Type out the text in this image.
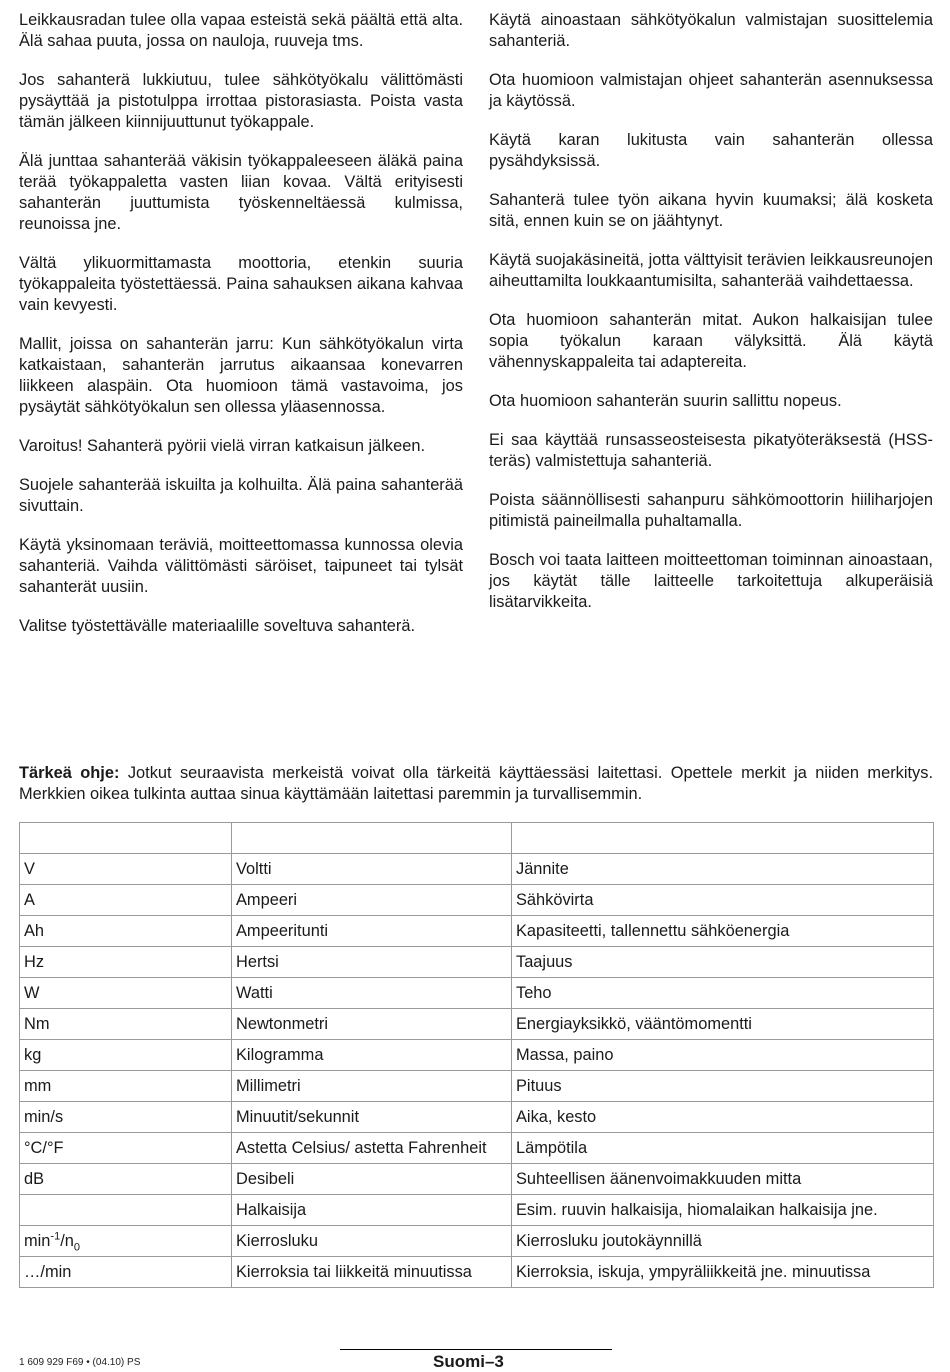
Leikkausradan tulee olla vapaa esteistä sekä päältä että alta. Älä sahaa puuta, jossa on nauloja, ruuveja tms.

Jos sahanterä lukkiutuu, tulee sähkötyökalu välittömästi pysäyttää ja pistotulppa irrottaa pistorasiasta. Poista vasta tämän jälkeen kiinnijuuttunut työkappale.

Älä junttaa sahanterää väkisin työkappaleeseen äläkä paina terää työkappaletta vasten liian kovaa. Vältä erityisesti sahanterän juuttumista työskenneltäessä kulmissa, reunoissa jne.

Vältä ylikuormittamasta moottoria, etenkin suuria työkappaleita työstettäessä. Paina sahauksen aikana kahvaa vain kevyesti.

Mallit, joissa on sahanterän jarru: Kun sähkötyökalun virta katkaistaan, sahanterän jarrutus aikaansaa konevarren liikkeen alaspäin. Ota huomioon tämä vastavoima, jos pysäytät sähkötyökalun sen ollessa yläasennossa.

Varoitus! Sahanterä pyörii vielä virran katkaisun jälkeen.

Suojele sahanterää iskuilta ja kolhuilta. Älä paina sahanterää sivuttain.

Käytä yksinomaan teräviä, moitteettomassa kunnossa olevia sahanteriä. Vaihda välittömästi säröiset, taipuneet tai tylsät sahanterät uusiin.

Valitse työstettävälle materiaalille soveltuva sahanterä.

Käytä ainoastaan sähkötyökalun valmistajan suosittelemia sahanteriä.

Ota huomioon valmistajan ohjeet sahanterän asennuksessa ja käytössä.

Käytä karan lukitusta vain sahanterän ollessa pysähdyksissä.

Sahanterä tulee työn aikana hyvin kuumaksi; älä kosketa sitä, ennen kuin se on jäähtynyt.

Käytä suojakäsineitä, jotta välttyisit terävien leikkausreunojen aiheuttamilta loukkaantumisilta, sahanterää vaihdettaessa.

Ota huomioon sahanterän mitat. Aukon halkaisijan tulee sopia työkalun karaan välyksittä. Älä käytä vähennyskappaleita tai adaptereita.

Ota huomioon sahanterän suurin sallittu nopeus.

Ei saa käyttää runsasseosteisesta pikatyöteräksestä (HSS-teräs) valmistettuja sahanteriä.

Poista säännöllisesti sahanpuru sähkömoottorin hiiliharjojen pitimistä paineilmalla puhaltamalla.

Bosch voi taata laitteen moitteettoman toiminnan ainoastaan, jos käytät tälle laitteelle tarkoitettuja alkuperäisiä lisätarvikkeita.

Tärkeä ohje: Jotkut seuraavista merkeistä voivat olla tärkeitä käyttäessäsi laitettasi. Opettele merkit ja niiden merkitys. Merkkien oikea tulkinta auttaa sinua käyttämään laitettasi paremmin ja turvallisemmin.

V	Voltti	Jännite
A	Ampeeri	Sähkövirta
Ah	Ampeeritunti	Kapasiteetti, tallennettu sähköenergia
Hz	Hertsi	Taajuus
W	Watti	Teho
Nm	Newtonmetri	Energiayksikkö, vääntömomentti
kg	Kilogramma	Massa, paino
mm	Millimetri	Pituus
min/s	Minuutit/sekunnit	Aika, kesto
°C/°F	Astetta Celsius/ astetta Fahrenheit	Lämpötila
dB	Desibeli	Suhteellisen äänenvoimakkuuden mitta
	Halkaisija	Esim. ruuvin halkaisija, hiomalaikan halkaisija jne.
$\min^{-1}/n_0$	Kierrosluku	Kierrosluku joutokäynnillä
…/min	Kierroksia tai liikkeitä minuutissa	Kierroksia, iskuja, ympyräliikkeitä jne. minuutissa
1 609 929 F69 • (04.10) PS	Suomi–3
